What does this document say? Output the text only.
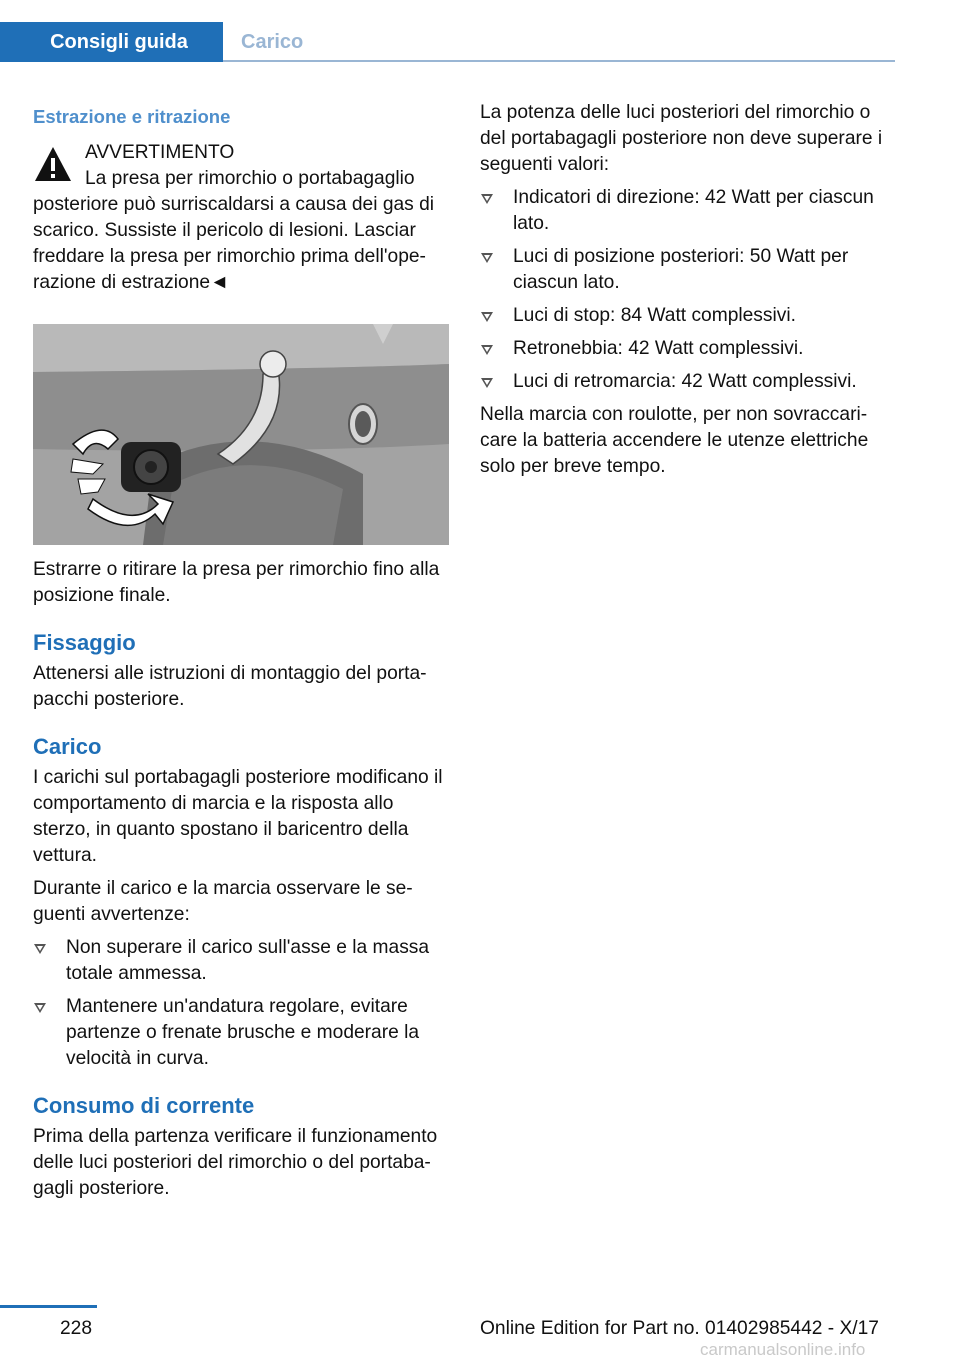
Consigli guida	Carico
Estrazione e ritrazione
AVVERTIMENTO
La presa per rimorchio o portabagaglio
posteriore può surriscaldarsi a causa dei gas di scarico. Sussiste il pericolo di lesioni. Lasciar freddare la presa per rimorchio prima dell'operazione di estrazione◄

Estrarre o ritirare la presa per rimorchio fino alla posizione finale.

Fissaggio

Attenersi alle istruzioni di montaggio del portapacchi posteriore.

Carico

I carichi sul portabagagli posteriore modificano il comportamento di marcia e la risposta allo sterzo, in quanto spostano il baricentro della vettura.

Durante il carico e la marcia osservare le seguenti avvertenze:

Non superare il carico sull'asse e la massa totale ammessa.
Mantenere un'andatura regolare, evitare partenze o frenate brusche e moderare la velocità in curva.
Consumo di corrente

Prima della partenza verificare il funzionamento delle luci posteriori del rimorchio o del portabagagli posteriore.

La potenza delle luci posteriori del rimorchio o del portabagagli posteriore non deve superare i seguenti valori:

Indicatori di direzione: 42 Watt per ciascun lato.
Luci di posizione posteriori: 50 Watt per ciascun lato.
Luci di stop: 84 Watt complessivi.
Retronebbia: 42 Watt complessivi.
Luci di retromarcia: 42 Watt complessivi.

Nella marcia con roulotte, per non sovraccaricare la batteria accendere le utenze elettriche solo per breve tempo.

228	Online Edition for Part no. 01402985442 - X/17
carmanualsonline.info
